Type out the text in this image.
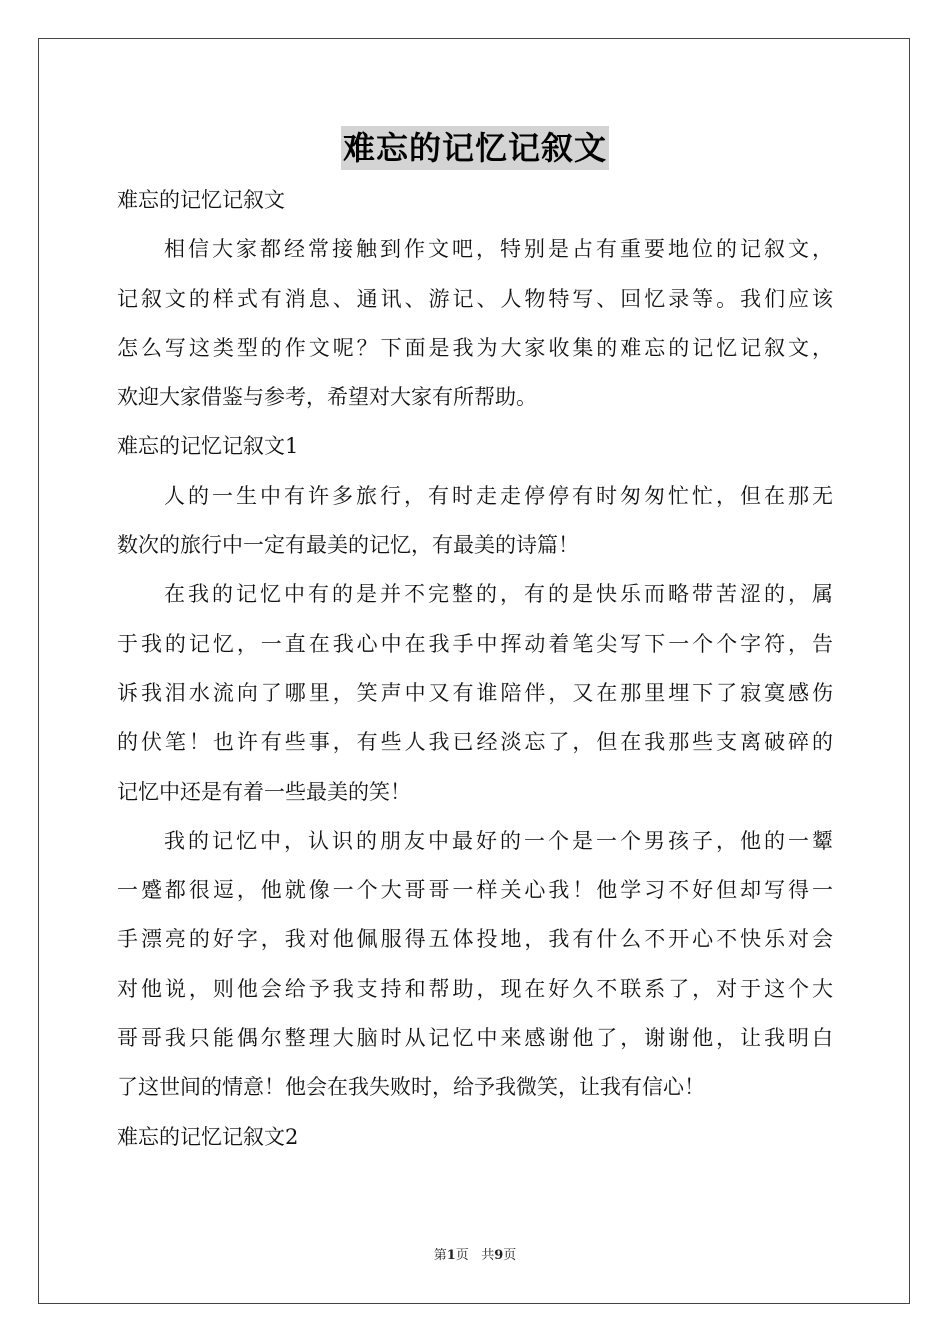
难忘的记忆记叙文
难忘的记忆记叙文
相信大家都经常接触到作文吧，特别是占有重要地位的记叙文，
记叙文的样式有消息、通讯、游记、人物特写、回忆录等。我们应该
怎么写这类型的作文呢？下面是我为大家收集的难忘的记忆记叙文，
欢迎大家借鉴与参考，希望对大家有所帮助。
难忘的记忆记叙文1
人的一生中有许多旅行，有时走走停停有时匆匆忙忙，但在那无
数次的旅行中一定有最美的记忆，有最美的诗篇！
在我的记忆中有的是并不完整的，有的是快乐而略带苦涩的，属
于我的记忆，一直在我心中在我手中挥动着笔尖写下一个个字符，告
诉我泪水流向了哪里，笑声中又有谁陪伴，又在那里埋下了寂寞感伤
的伏笔！也许有些事，有些人我已经淡忘了，但在我那些支离破碎的
记忆中还是有着一些最美的笑！
我的记忆中，认识的朋友中最好的一个是一个男孩子，他的一颦
一蹙都很逗，他就像一个大哥哥一样关心我！他学习不好但却写得一
手漂亮的好字，我对他佩服得五体投地，我有什么不开心不快乐对会
对他说，则他会给予我支持和帮助，现在好久不联系了，对于这个大
哥哥我只能偶尔整理大脑时从记忆中来感谢他了，谢谢他，让我明白
了这世间的情意！他会在我失败时，给予我微笑，让我有信心！
难忘的记忆记叙文2
第1页 共9页
